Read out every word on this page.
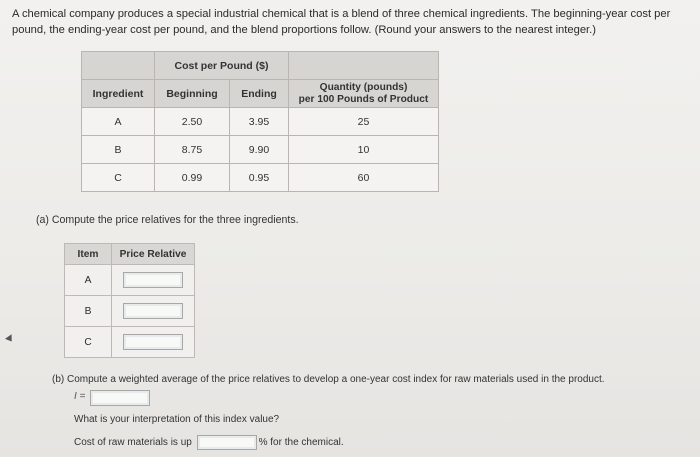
A chemical company produces a special industrial chemical that is a blend of three chemical ingredients. The beginning-year cost per pound, the ending-year cost per pound, and the blend proportions follow. (Round your answers to the nearest integer.)
	Cost per Pound ($)		
Ingredient	Beginning	Ending	Quantity (pounds)
per 100 Pounds of Product

A	2.50	3.95	25
B	8.75	9.90	10
C	0.99	0.95	60
(a) Compute the price relatives for the three ingredients.
Item	Price Relative
A	
B	
C	
(b) Compute a weighted average of the price relatives to develop a one-year cost index for raw materials used in the product.
I =
What is your interpretation of this index value?
Cost of raw materials is up	% for the chemical.
